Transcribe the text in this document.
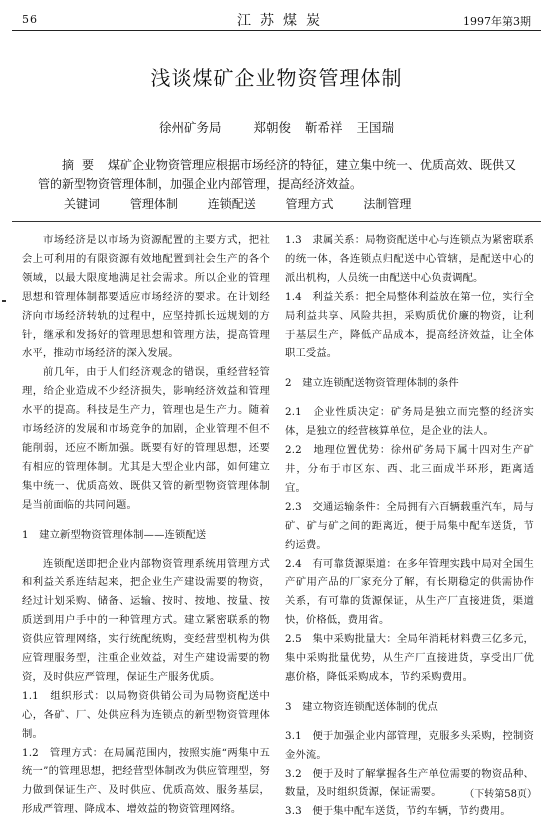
56	江苏煤炭	1997年第3期
浅谈煤矿企业物资管理体制
徐州矿务局	郑朝俊 靳希祥 王国瑞
摘要 煤矿企业物资管理应根据市场经济的特征，建立集中统一、优质高效、既供又管的新型物资管理体制，加强企业内部管理，提高经济效益。
关键词 管理体制 连锁配送 管理方式 法制管理

市场经济是以市场为资源配置的主要方式，把社会上可利用的有限资源有效地配置到社会生产的各个领域，以最大限度地满足社会需求。所以企业的管理思想和管理体制都要适应市场经济的要求。在计划经济向市场经济转轨的过程中，应坚持抓长远规划的方针，继承和发扬好的管理思想和管理方法，提高管理水平，推动市场经济的深入发展。

前几年，由于人们经济观念的错误，重经营轻管理，给企业造成不少经济损失，影响经济效益和管理水平的提高。科技是生产力，管理也是生产力。随着市场经济的发展和市场竞争的加剧，企业管理不但不能削弱，还应不断加强。既要有好的管理思想，还要有相应的管理体制。尤其是大型企业内部，如何建立集中统一、优质高效、既供又管的新型物资管理体制是当前面临的共同问题。

1　建立新型物资管理体制——连锁配送

连锁配送即把企业内部物资管理系统用管理方式和利益关系连结起来，把企业生产建设需要的物资，经过计划采购、储备、运输、按时、按地、按量、按质送到用户手中的一种管理方式。建立紧密联系的物资供应管理网络，实行统配统购，变经营型机构为供应管理服务型，注重企业效益，对生产建设需要的物资，及时供应严管理，保证生产服务优质。

1.1　组织形式：以局物资供销公司为局物资配送中心，各矿、厂、处供应科为连锁点的新型物资管理体制。

1.2　管理方式：在局属范围内，按照实施“两集中五统一”的管理思想，把经营型体制改为供应管理型，努力做到保证生产、及时供应、优质高效、服务基层，形成严管理、降成本、增效益的物资管理网络。

1.3　隶属关系：局物资配送中心与连锁点为紧密联系的统一体，各连锁点归配送中心管辖，是配送中心的派出机构，人员统一由配送中心负责调配。

1.4　利益关系：把全局整体利益放在第一位，实行全局利益共享、风险共担，采购质优价廉的物资，让利于基层生产，降低产品成本，提高经济效益，让全体职工受益。

2　建立连锁配送物资管理体制的条件

2.1　企业性质决定：矿务局是独立而完整的经济实体，是独立的经营核算单位，是企业的法人。

2.2　地理位置优势：徐州矿务局下属十四对生产矿井，分布于市区东、西、北三面成半环形，距离适宜。

2.3　交通运输条件：全局拥有六百辆载重汽车，局与矿、矿与矿之间的距离近，便于局集中配车送货，节约运费。

2.4　有可靠货源渠道：在多年管理实践中局对全国生产矿用产品的厂家充分了解，有长期稳定的供需协作关系，有可靠的货源保证，从生产厂直接进货，渠道快，价格低，费用省。

2.5　集中采购批量大：全局年消耗材料费三亿多元，集中采购批量优势，从生产厂直接进货，享受出厂优惠价格，降低采购成本，节约采购费用。

3　建立物资连锁配送体制的优点

3.1　便于加强企业内部管理，克服多头采购，控制资金外流。

3.2　便于及时了解掌握各生产单位需要的物资品种、数量，及时组织货源，保证需要。

3.3　便于集中配车送货，节约车辆，节约费用。

（下转第58页）
